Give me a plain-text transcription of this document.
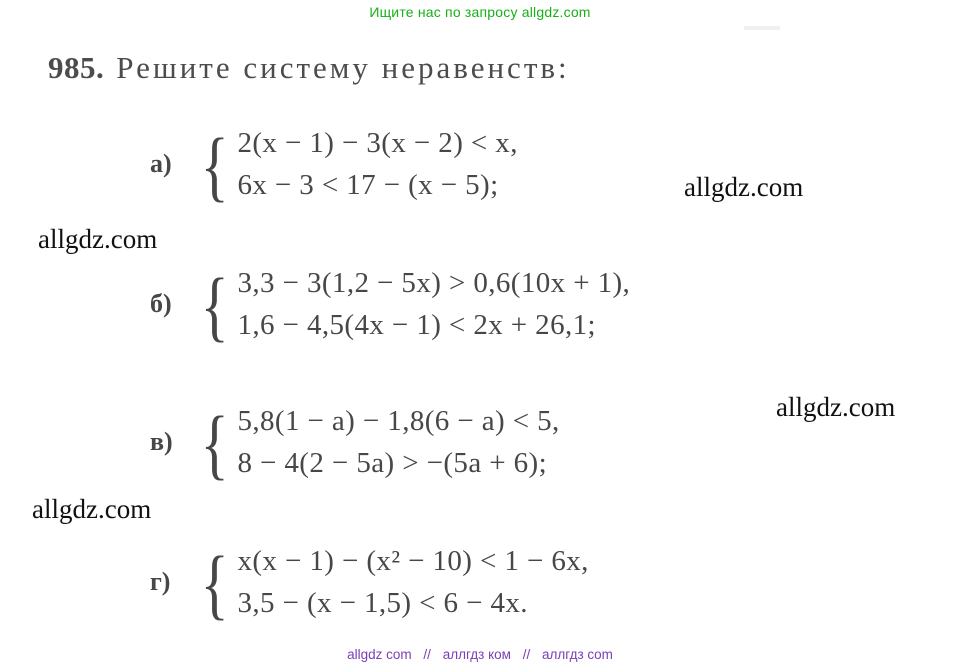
Ищите нас по запросу allgdz.com
985. Решите систему неравенств:
а) { 2(x − 1) − 3(x − 2) < x,
6x − 3 < 17 − (x − 5);
б) { 3,3 − 3(1,2 − 5x) > 0,6(10x + 1),
1,6 − 4,5(4x − 1) < 2x + 26,1;
в) { 5,8(1 − a) − 1,8(6 − a) < 5,
8 − 4(2 − 5a) > −(5a + 6);
г) { x(x − 1) − (x² − 10) < 1 − 6x,
3,5 − (x − 1,5) < 6 − 4x.
allgdz.com
allgdz.com
allgdz.com
allgdz.com
allgdz com // аллгдз ком // аллгдз com
